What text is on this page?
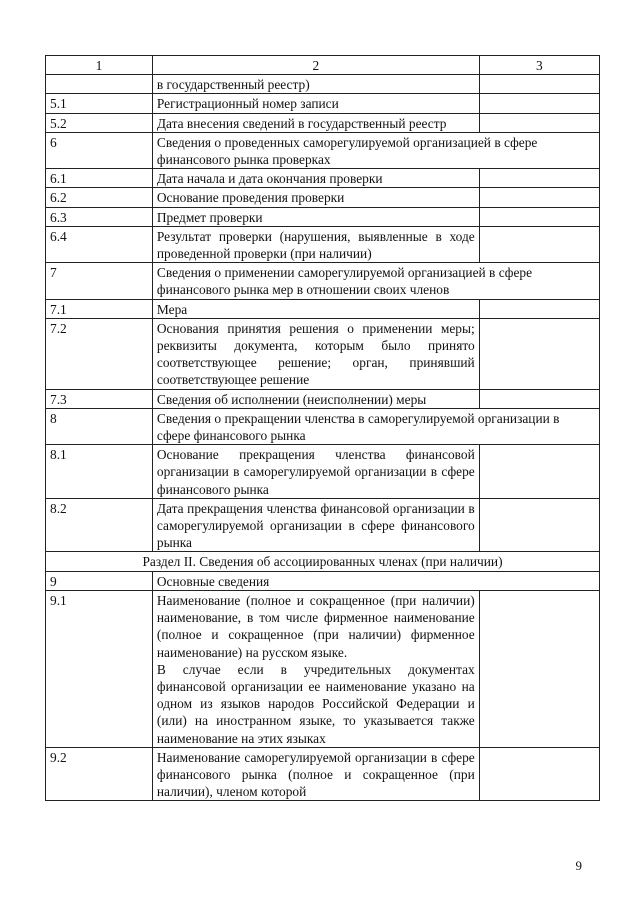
1	2	3
	в государственный реестр)	
5.1	Регистрационный номер записи	
5.2	Дата внесения сведений в государственный реестр	
6	Сведения о проведенных саморегулируемой организацией в сфере финансового рынка проверках	
6.1	Дата начала и дата окончания проверки	
6.2	Основание проведения проверки	
6.3	Предмет проверки	
6.4	Результат проверки (нарушения, выявленные в ходе проведенной проверки (при наличии)	
7	Сведения о применении саморегулируемой организацией в сфере финансового рынка мер в отношении своих членов	
7.1	Мера	
7.2	Основания принятия решения о применении меры; реквизиты документа, которым было принято соответствующее решение; орган, принявший соответствующее решение	
7.3	Сведения об исполнении (неисполнении) меры	
8	Сведения о прекращении членства в саморегулируемой организации в сфере финансового рынка	
8.1	Основание прекращения членства финансовой организации в саморегулируемой организации в сфере финансового рынка	
8.2	Дата прекращения членства финансовой организации в саморегулируемой организации в сфере финансового рынка	
Раздел II. Сведения об ассоциированных членах (при наличии)		
9	Основные сведения	
9.1	Наименование (полное и сокращенное (при наличии) наименование, в том числе фирменное наименование (полное и сокращенное (при наличии) фирменное наименование) на русском языке.
В случае если в учредительных документах финансовой организации ее наименование указано на одном из языков народов Российской Федерации и (или) на иностранном языке, то указывается также наименование на этих языках	

9.2	Наименование саморегулируемой организации в сфере финансового рынка (полное и сокращенное (при наличии), членом которой	
9
